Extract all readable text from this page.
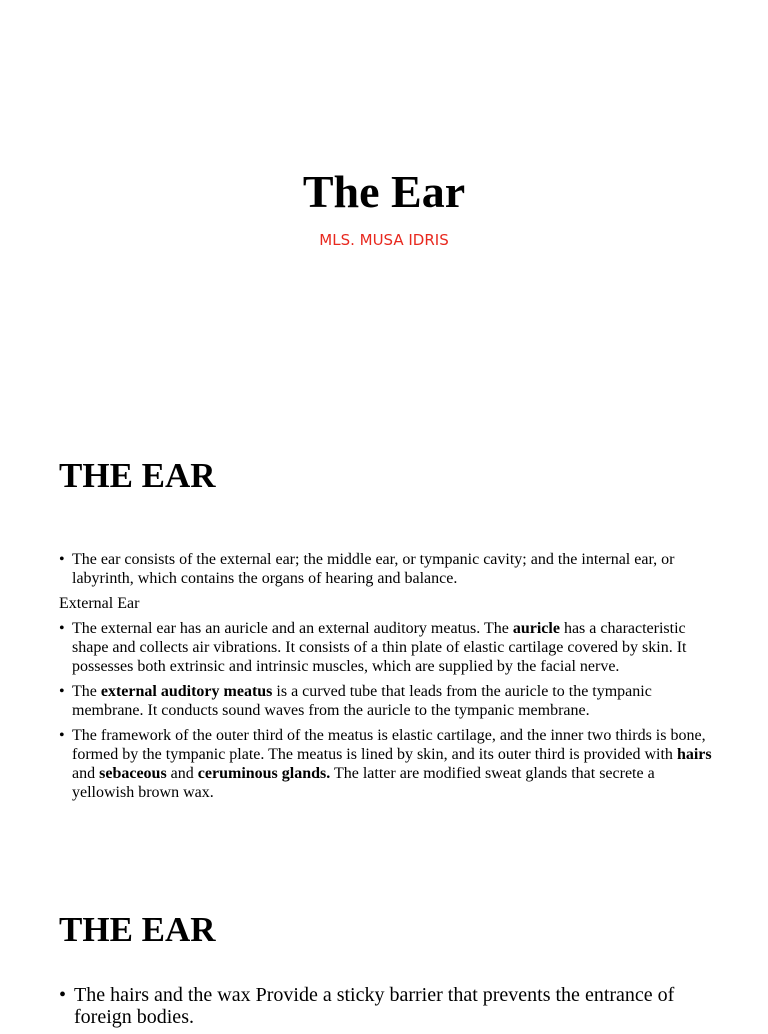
The Ear
MLS. MUSA IDRIS
THE EAR
• The ear consists of the external ear; the middle ear, or tympanic cavity; and the internal ear, or labyrinth, which contains the organs of hearing and balance.
External Ear
• The external ear has an auricle and an external auditory meatus. The auricle has a characteristic shape and collects air vibrations. It consists of a thin plate of elastic cartilage covered by skin. It possesses both extrinsic and intrinsic muscles, which are supplied by the facial nerve.
• The external auditory meatus is a curved tube that leads from the auricle to the tympanic membrane. It conducts sound waves from the auricle to the tympanic membrane.
• The framework of the outer third of the meatus is elastic cartilage, and the inner two thirds is bone, formed by the tympanic plate. The meatus is lined by skin, and its outer third is provided with hairs and sebaceous and ceruminous glands. The latter are modified sweat glands that secrete a yellowish brown wax.
THE EAR
• The hairs and the wax Provide a sticky barrier that prevents the entrance of foreign bodies.
